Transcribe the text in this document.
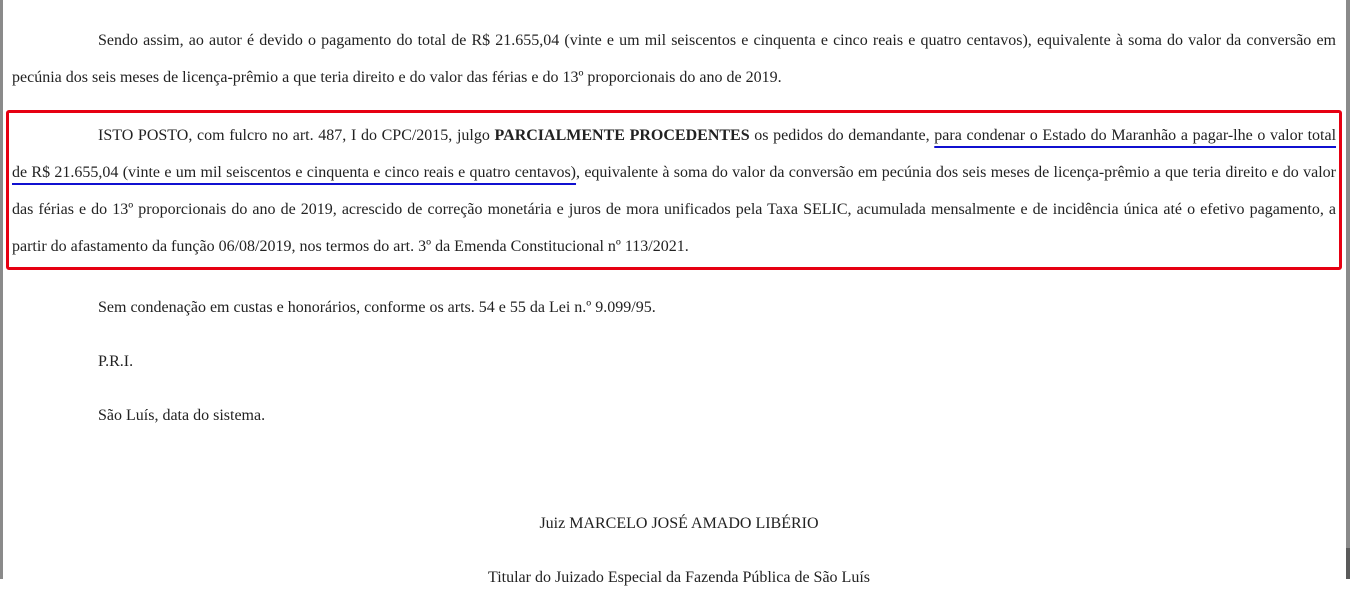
Sendo assim, ao autor é devido o pagamento do total de R$ 21.655,04 (vinte e um mil seiscentos e cinquenta e cinco reais e quatro centavos), equivalente à soma do valor da conversão em pecúnia dos seis meses de licença-prêmio a que teria direito e do valor das férias e do 13º proporcionais do ano de 2019.

ISTO POSTO, com fulcro no art. 487, I do CPC/2015, julgo PARCIALMENTE PROCEDENTES os pedidos do demandante, para condenar o Estado do Maranhão a pagar-lhe o valor total de R$ 21.655,04 (vinte e um mil seiscentos e cinquenta e cinco reais e quatro centavos), equivalente à soma do valor da conversão em pecúnia dos seis meses de licença-prêmio a que teria direito e do valor das férias e do 13º proporcionais do ano de 2019, acrescido de correção monetária e juros de mora unificados pela Taxa SELIC, acumulada mensalmente e de incidência única até o efetivo pagamento, a partir do afastamento da função 06/08/2019, nos termos do art. 3º da Emenda Constitucional nº 113/2021.

Sem condenação em custas e honorários, conforme os arts. 54 e 55 da Lei n.º 9.099/95.

P.R.I.

São Luís, data do sistema.

Juiz MARCELO JOSÉ AMADO LIBÉRIO

Titular do Juizado Especial da Fazenda Pública de São Luís
